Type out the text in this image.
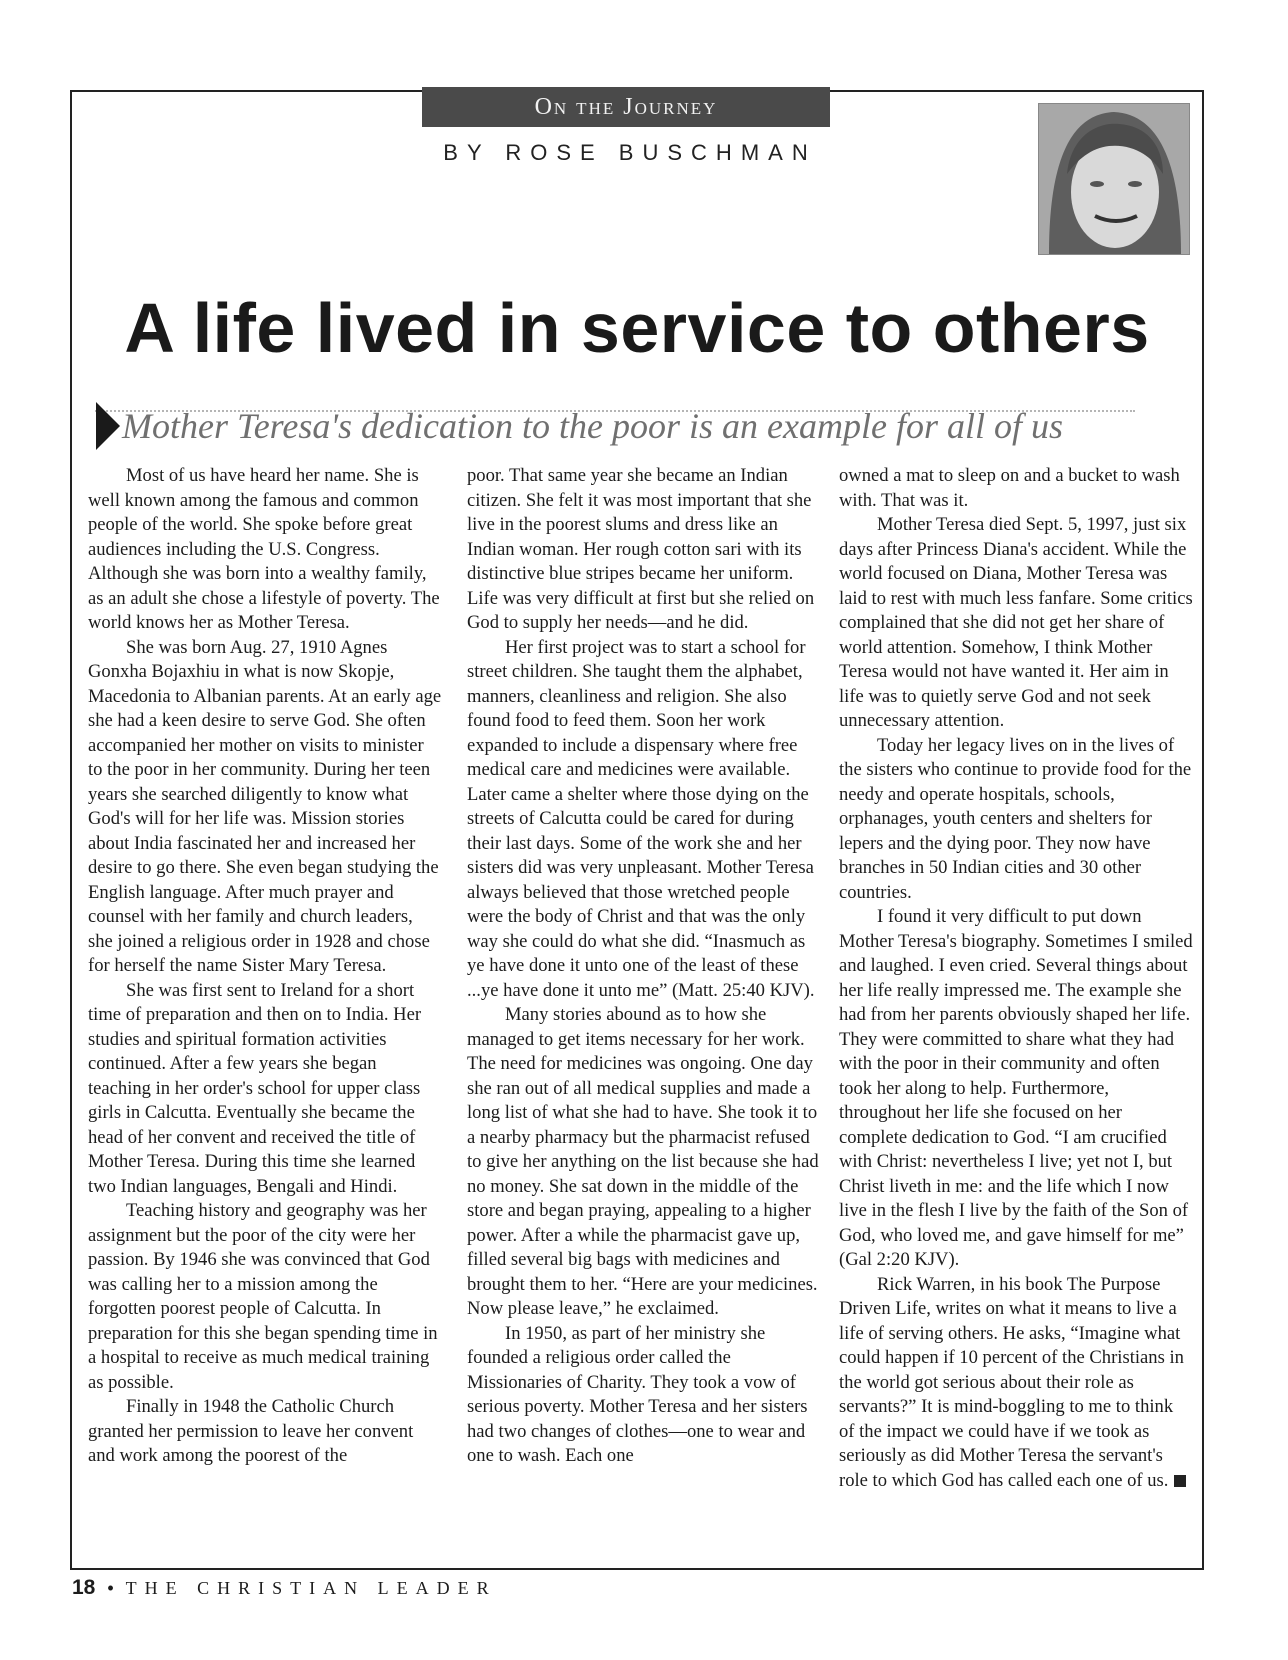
On the Journey
BY ROSE BUSCHMAN
A life lived in service to others

Mother Teresa's dedication to the poor is an example for all of us

Most of us have heard her name. She is well known among the famous and common people of the world. She spoke before great audiences including the U.S. Congress. Although she was born into a wealthy family, as an adult she chose a lifestyle of poverty. The world knows her as Mother Teresa.

She was born Aug. 27, 1910 Agnes Gonxha Bojaxhiu in what is now Skopje, Macedonia to Albanian parents. At an early age she had a keen desire to serve God. She often accompanied her mother on visits to minister to the poor in her community. During her teen years she searched diligently to know what God's will for her life was. Mission stories about India fascinated her and increased her desire to go there. She even began studying the English language. After much prayer and counsel with her family and church leaders, she joined a religious order in 1928 and chose for herself the name Sister Mary Teresa.

She was first sent to Ireland for a short time of preparation and then on to India. Her studies and spiritual formation activities continued. After a few years she began teaching in her order's school for upper class girls in Calcutta. Eventually she became the head of her convent and received the title of Mother Teresa. During this time she learned two Indian languages, Bengali and Hindi.

Teaching history and geography was her assignment but the poor of the city were her passion. By 1946 she was convinced that God was calling her to a mission among the forgotten poorest people of Calcutta. In preparation for this she began spending time in a hospital to receive as much medical training as possible.

Finally in 1948 the Catholic Church granted her permission to leave her convent and work among the poorest of the

poor. That same year she became an Indian citizen. She felt it was most important that she live in the poorest slums and dress like an Indian woman. Her rough cotton sari with its distinctive blue stripes became her uniform. Life was very difficult at first but she relied on God to supply her needs—and he did.

Her first project was to start a school for street children. She taught them the alphabet, manners, cleanliness and religion. She also found food to feed them. Soon her work expanded to include a dispensary where free medical care and medicines were available. Later came a shelter where those dying on the streets of Calcutta could be cared for during their last days. Some of the work she and her sisters did was very unpleasant. Mother Teresa always believed that those wretched people were the body of Christ and that was the only way she could do what she did. “Inasmuch as ye have done it unto one of the least of these ...ye have done it unto me” (Matt. 25:40 KJV).

Many stories abound as to how she managed to get items necessary for her work. The need for medicines was ongoing. One day she ran out of all medical supplies and made a long list of what she had to have. She took it to a nearby pharmacy but the pharmacist refused to give her anything on the list because she had no money. She sat down in the middle of the store and began praying, appealing to a higher power. After a while the pharmacist gave up, filled several big bags with medicines and brought them to her. “Here are your medicines. Now please leave,” he exclaimed.

In 1950, as part of her ministry she founded a religious order called the Missionaries of Charity. They took a vow of serious poverty. Mother Teresa and her sisters had two changes of clothes—one to wear and one to wash. Each one

owned a mat to sleep on and a bucket to wash with. That was it.

Mother Teresa died Sept. 5, 1997, just six days after Princess Diana's accident. While the world focused on Diana, Mother Teresa was laid to rest with much less fanfare. Some critics complained that she did not get her share of world attention. Somehow, I think Mother Teresa would not have wanted it. Her aim in life was to quietly serve God and not seek unnecessary attention.

Today her legacy lives on in the lives of the sisters who continue to provide food for the needy and operate hospitals, schools, orphanages, youth centers and shelters for lepers and the dying poor. They now have branches in 50 Indian cities and 30 other countries.

I found it very difficult to put down Mother Teresa's biography. Sometimes I smiled and laughed. I even cried. Several things about her life really impressed me. The example she had from her parents obviously shaped her life. They were committed to share what they had with the poor in their community and often took her along to help. Furthermore, throughout her life she focused on her complete dedication to God. “I am crucified with Christ: nevertheless I live; yet not I, but Christ liveth in me: and the life which I now live in the flesh I live by the faith of the Son of God, who loved me, and gave himself for me” (Gal 2:20 KJV).

Rick Warren, in his book The Purpose Driven Life, writes on what it means to live a life of serving others. He asks, “Imagine what could happen if 10 percent of the Christians in the world got serious about their role as servants?” It is mind-boggling to me to think of the impact we could have if we took as seriously as did Mother Teresa the servant's role to which God has called each one of us.

18 • THE CHRISTIAN LEADER
